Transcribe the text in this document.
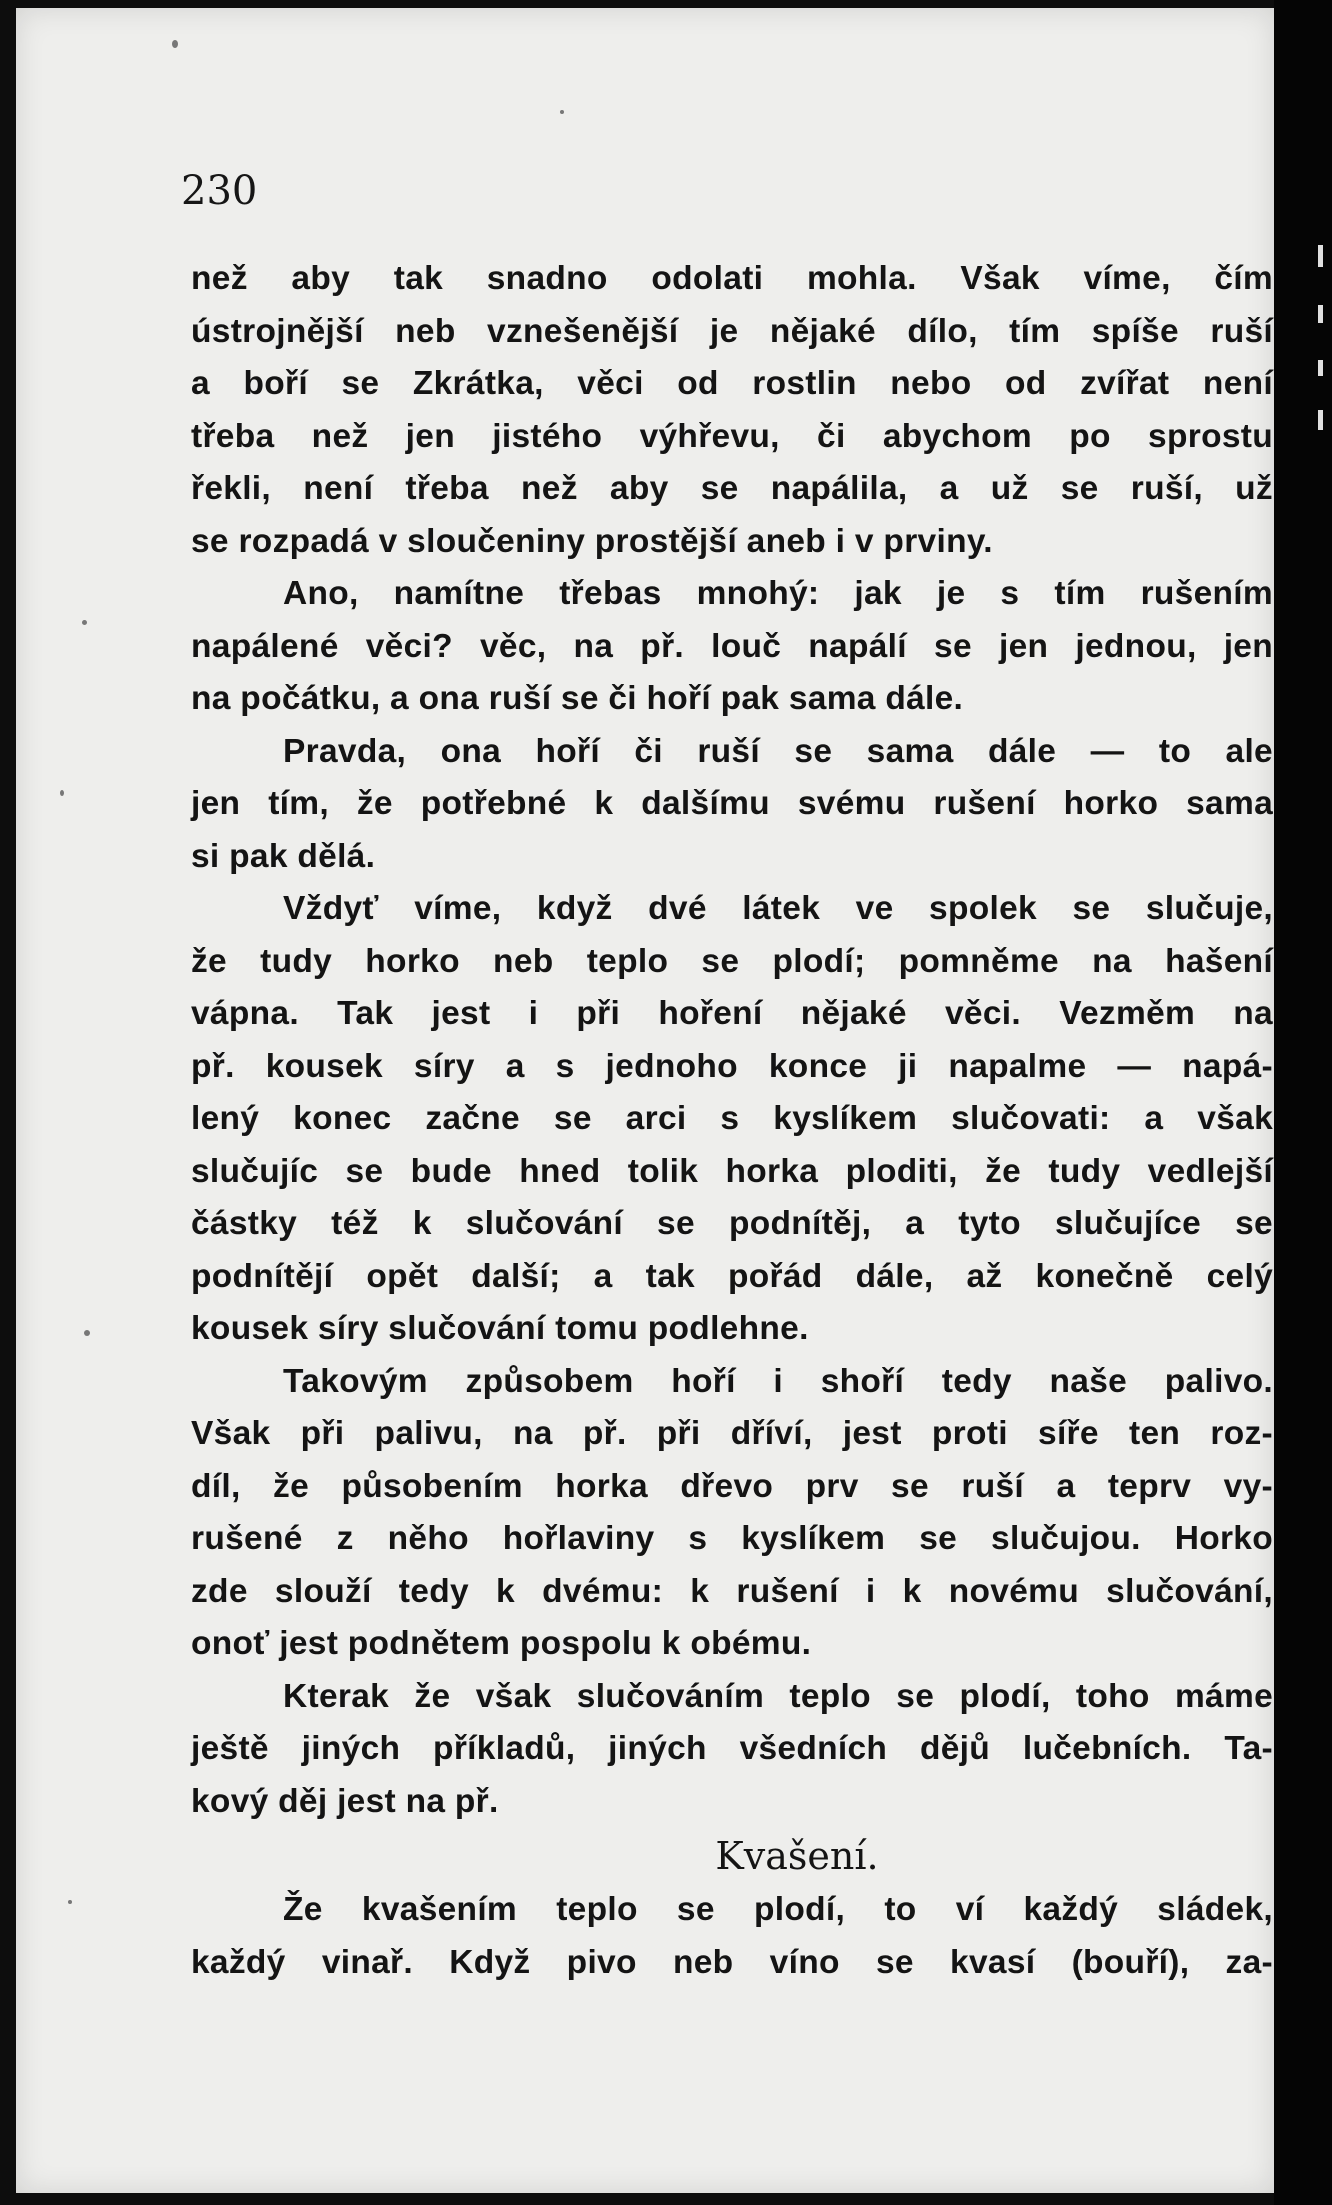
230
než aby tak snadno odolati mohla. Však víme, čím
ústrojnější neb vznešenější je nějaké dílo, tím spíše ruší
a boří se Zkrátka, věci od rostlin nebo od zvířat není
třeba než jen jistého výhřevu, či abychom po sprostu
řekli, není třeba než aby se napálila, a už se ruší, už
se rozpadá v sloučeniny prostější aneb i v prviny.
Ano, namítne třebas mnohý: jak je s tím rušením
napálené věci? věc, na př. louč napálí se jen jednou, jen
na počátku, a ona ruší se či hoří pak sama dále.
Pravda, ona hoří či ruší se sama dále — to ale
jen tím, že potřebné k dalšímu svému rušení horko sama
si pak dělá.
Vždyť víme, když dvé látek ve spolek se slučuje,
že tudy horko neb teplo se plodí; pomněme na hašení
vápna. Tak jest i při hoření nějaké věci. Vezměm na
př. kousek síry a s jednoho konce ji napalme — napá-
lený konec začne se arci s kyslíkem slučovati: a však
slučujíc se bude hned tolik horka ploditi, že tudy vedlejší
částky též k slučování se podnítěj, a tyto slučujíce se
podnítějí opět další; a tak pořád dále, až konečně celý
kousek síry slučování tomu podlehne.
Takovým způsobem hoří i shoří tedy naše palivo.
Však při palivu, na př. při dříví, jest proti síře ten roz-
díl, že působením horka dřevo prv se ruší a teprv vy-
rušené z něho hořlaviny s kyslíkem se slučujou. Horko
zde slouží tedy k dvému: k rušení i k novému slučování,
onoť jest podnětem pospolu k obému.
Kterak že však slučováním teplo se plodí, toho máme
ještě jiných příkladů, jiných všedních dějů lučebních. Ta-
kový děj jest na př.
Kvašení.
Že kvašením teplo se plodí, to ví každý sládek,
každý vinař. Když pivo neb víno se kvasí (bouří), za-
